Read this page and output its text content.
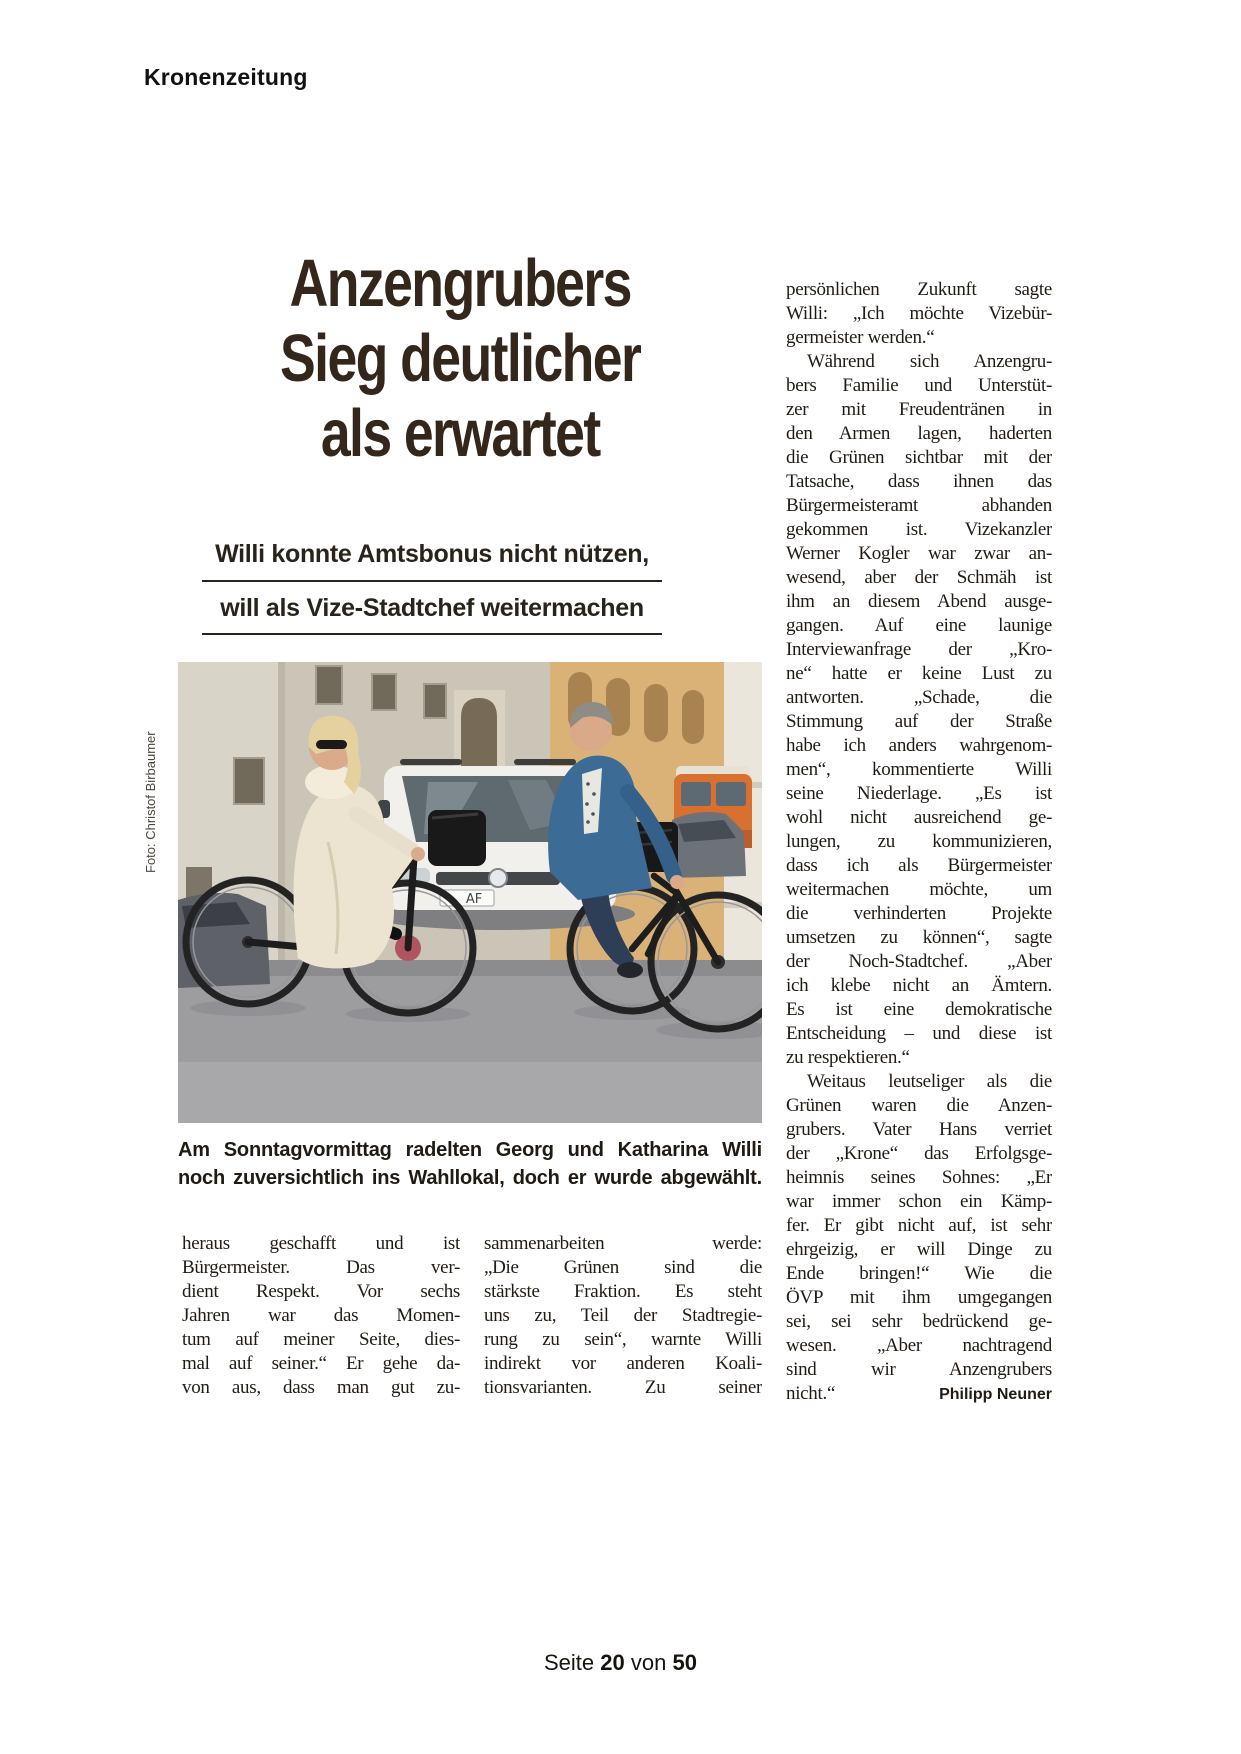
Kronenzeitung
Anzengrubers
Sieg deutlicher
als erwartet
Willi konnte Amtsbonus nicht nützen,
will als Vize-Stadtchef weitermachen
Foto: Christof Birbaumer
AF
Am Sonntagvormittag radelten Georg und Katharina Willi
noch zuversichtlich ins Wahllokal, doch er wurde abgewählt.
heraus geschafft und ist
Bürgermeister. Das ver-
dient Respekt. Vor sechs
Jahren war das Momen-
tum auf meiner Seite, dies-
mal auf seiner.“ Er gehe da-
von aus, dass man gut zu-
sammenarbeiten werde:
„Die Grünen sind die
stärkste Fraktion. Es steht
uns zu, Teil der Stadtregie-
rung zu sein“, warnte Willi
indirekt vor anderen Koali-
tionsvarianten. Zu seiner
persönlichen Zukunft sagte
Willi: „Ich möchte Vizebür-
germeister werden.“
Während sich Anzengru-
bers Familie und Unterstüt-
zer mit Freudentränen in
den Armen lagen, haderten
die Grünen sichtbar mit der
Tatsache, dass ihnen das
Bürgermeisteramt abhanden
gekommen ist. Vizekanzler
Werner Kogler war zwar an-
wesend, aber der Schmäh ist
ihm an diesem Abend ausge-
gangen. Auf eine launige
Interviewanfrage der „Kro-
ne“ hatte er keine Lust zu
antworten. „Schade, die
Stimmung auf der Straße
habe ich anders wahrgenom-
men“, kommentierte Willi
seine Niederlage. „Es ist
wohl nicht ausreichend ge-
lungen, zu kommunizieren,
dass ich als Bürgermeister
weitermachen möchte, um
die verhinderten Projekte
umsetzen zu können“, sagte
der Noch-Stadtchef. „Aber
ich klebe nicht an Ämtern.
Es ist eine demokratische
Entscheidung – und diese ist
zu respektieren.“
Weitaus leutseliger als die
Grünen waren die Anzen-
grubers. Vater Hans verriet
der „Krone“ das Erfolgsge-
heimnis seines Sohnes: „Er
war immer schon ein Kämp-
fer. Er gibt nicht auf, ist sehr
ehrgeizig, er will Dinge zu
Ende bringen!“ Wie die
ÖVP mit ihm umgegangen
sei, sei sehr bedrückend ge-
wesen. „Aber nachtragend
sind wir Anzengrubers
nicht.“	Philipp Neuner
Seite 20 von 50
